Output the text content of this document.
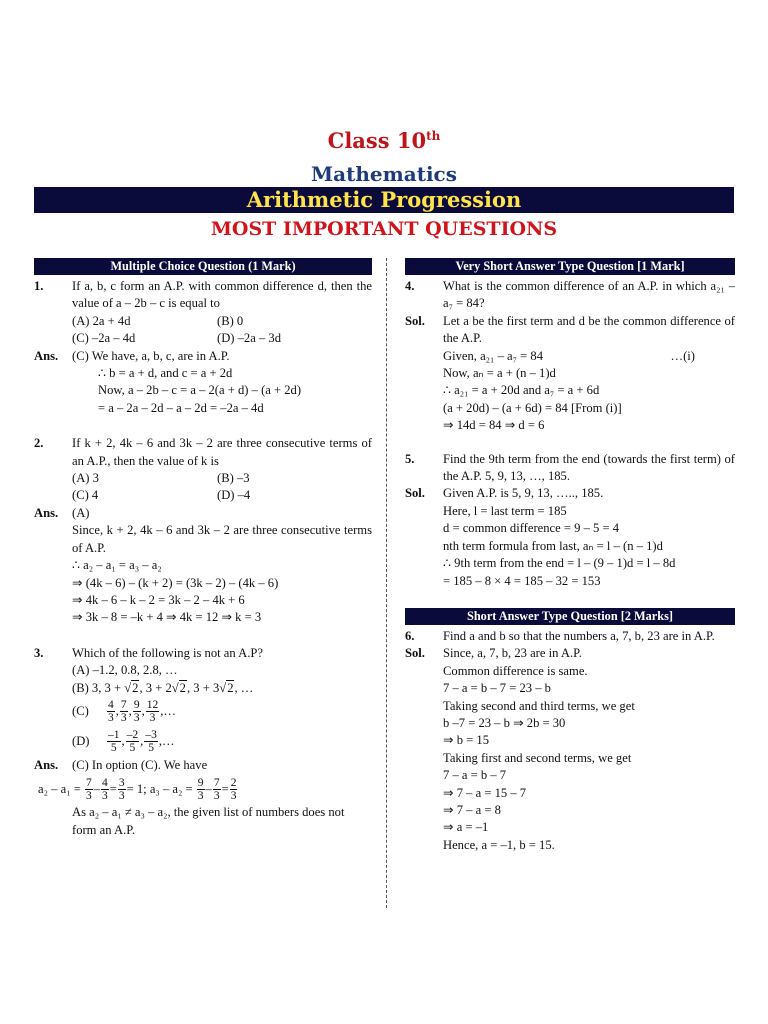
Class 10th
Mathematics
Arithmetic Progression
MOST IMPORTANT QUESTIONS
Multiple Choice Question (1 Mark)
1.	If a, b, c form an A.P. with common difference d, then the value of a – 2b – c is equal to
(A) 2a + 4d	(B) 0
(C) –2a – 4d	(D) –2a – 3d
Ans.	(C) We have, a, b, c, are in A.P.
∴ b = a + d, and c = a + 2d
Now, a – 2b – c = a – 2(a + d) – (a + 2d)
= a – 2a – 2d – a – 2d = –2a – 4d
2.	If k + 2, 4k – 6 and 3k – 2 are three consecutive terms of an A.P., then the value of k is
(A) 3	(B) –3
(C) 4	(D) –4
Ans.	(A)
Since, k + 2, 4k – 6 and 3k – 2 are three consecutive terms of A.P.
∴ a₂ – a₁ = a₃ – a₂
⇒ (4k – 6) – (k + 2) = (3k – 2) – (4k – 6)
⇒ 4k – 6 – k – 2 = 3k – 2 – 4k + 6
⇒ 3k – 8 = –k + 4 ⇒ 4k = 12 ⇒ k = 3
3.	Which of the following is not an A.P?
(A) –1.2, 0.8, 2.8, …
(B) 3, 3 + √2, 3 + 2√2, 3 + 3√2, …
(C)	$\frac{4}{3}$ , $\frac{7}{3}$ , $\frac{9}{3}$ , $\frac{12}{3}$ ,…
(D)	$\frac{-1}{5}$ , $\frac{-2}{5}$ , $\frac{-3}{5}$ ,…
Ans.	(C) In option (C). We have
a₂ – a₁ =
$\frac{7}{3} - \frac{4}{3} = \frac{3}{3} = 1$; a₃ – a₂ =
$\frac{9}{3} - \frac{7}{3} = \frac{2}{3}$
As a₂ – a₁ ≠ a₃ – a₂, the given list of numbers does not form an A.P.
Very Short Answer Type Question [1 Mark]
4.	What is the common difference of an A.P. in which a₂₁ – a₇ = 84?
Sol.	Let a be the first term and d be the common difference of the A.P.
Given, a₂₁ – a₇ = 84	…(i)
Now, aₙ = a + (n – 1)d
∴ a₂₁ = a + 20d and a₇ = a + 6d
(a + 20d) – (a + 6d) = 84 [From (i)]
⇒ 14d = 84 ⇒ d = 6
5.	Find the 9th term from the end (towards the first term) of the A.P. 5, 9, 13, …, 185.
Sol.	Given A.P. is 5, 9, 13, ….., 185.
Here, l = last term = 185
d = common difference = 9 – 5 = 4
nth term formula from last, aₙ = l – (n – 1)d
∴ 9th term from the end = l – (9 – 1)d = l – 8d
= 185 – 8 × 4 = 185 – 32 = 153
Short Answer Type Question [2 Marks]
6.	Find a and b so that the numbers a, 7, b, 23 are in A.P.
Sol.	Since, a, 7, b, 23 are in A.P.
Common difference is same.
7 – a = b – 7 = 23 – b
Taking second and third terms, we get
b –7 = 23 – b ⇒ 2b = 30
⇒ b = 15
Taking first and second terms, we get
7 – a = b – 7
⇒ 7 – a = 15 – 7
⇒ 7 – a = 8
⇒ a = –1
Hence, a = –1, b = 15.
